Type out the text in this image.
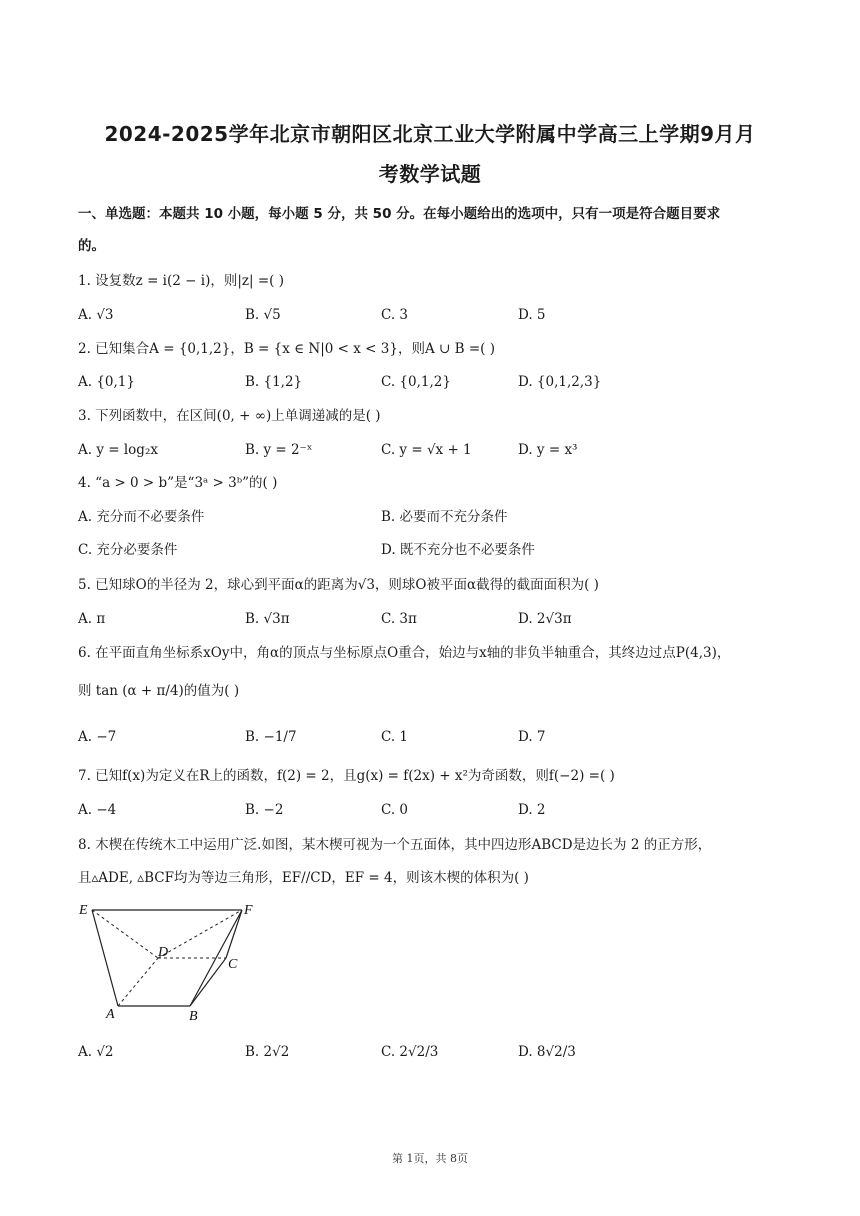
2024-2025学年北京市朝阳区北京工业大学附属中学高三上学期9月月
考数学试题
一、单选题：本题共 10 小题，每小题 5 分，共 50 分。在每小题给出的选项中，只有一项是符合题目要求
的。
1. 设复数z = i(2 − i)，则|z| =( )
A. √3	B. √5	C. 3	D. 5
2. 已知集合A = {0,1,2}，B = {x ∈ N|0 < x < 3}，则A ∪ B =( )
A. {0,1}	B. {1,2}	C. {0,1,2}	D. {0,1,2,3}
3. 下列函数中，在区间(0, + ∞)上单调递减的是( )
A. y = log₂x	B. y = 2⁻ˣ	C. y = √x + 1	D. y = x³
4. “a > 0 > b”是“3ᵃ > 3ᵇ”的( )
A. 充分而不必要条件	B. 必要而不充分条件
C. 充分必要条件	D. 既不充分也不必要条件
5. 已知球O的半径为 2，球心到平面α的距离为√3，则球O被平面α截得的截面面积为( )
A. π	B. √3π	C. 3π	D. 2√3π
6. 在平面直角坐标系xOy中，角α的顶点与坐标原点O重合，始边与x轴的非负半轴重合，其终边过点P(4,3)，
则 tan (α + π/4)的值为( )
A. −7	B. −1/7	C. 1	D. 7
7. 已知f(x)为定义在R上的函数，f(2) = 2，且g(x) = f(2x) + x²为奇函数，则f(−2) =( )
A. −4	B. −2	C. 0	D. 2
8. 木楔在传统木工中运用广泛.如图，某木楔可视为一个五面体，其中四边形ABCD是边长为 2 的正方形，
且▵ADE, ▵BCF均为等边三角形，EF//CD，EF = 4，则该木楔的体积为( )
E	F
D
C
A	B
A. √2	B. 2√2	C. 2√2/3	D. 8√2/3
第 1页，共 8页
